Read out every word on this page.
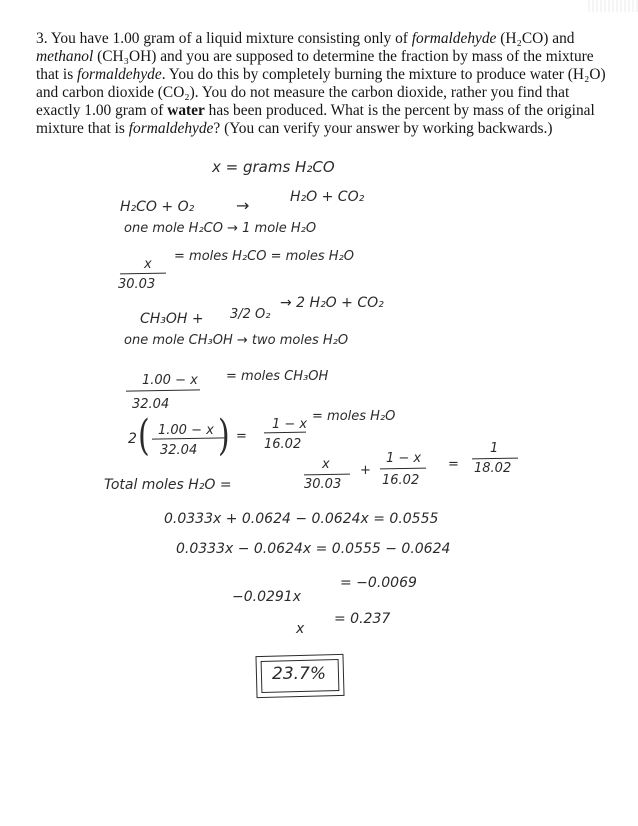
3. You have 1.00 gram of a liquid mixture consisting only of formaldehyde (H₂CO) and methanol (CH₃OH) and you are supposed to determine the fraction by mass of the mixture that is formaldehyde. You do this by completely burning the mixture to produce water (H₂O) and carbon dioxide (CO₂). You do not measure the carbon dioxide, rather you find that exactly 1.00 gram of water has been produced. What is the percent by mass of the original mixture that is formaldehyde? (You can verify your answer by working backwards.)

x = grams H₂CO
H₂CO + O₂	→	H₂O + CO₂
one mole H₂CO → 1 mole H₂O
x
30.03
= moles H₂CO = moles H₂O
CH₃OH + 3/2 O₂
→ 2 H₂O + CO₂
one mole CH₃OH → two moles H₂O
1.00 − x
32.04
= moles CH₃OH
2 ( 1.00 − x
32.04 ) =
1 − x
16.02
= moles H₂O
Total moles H₂O =
x
30.03
+
1 − x
16.02
=
1
18.02
0.0333x + 0.0624 − 0.0624x = 0.0555
0.0333x − 0.0624x = 0.0555 − 0.0624
−0.0291x
= −0.0069
x
= 0.237
23.7%
